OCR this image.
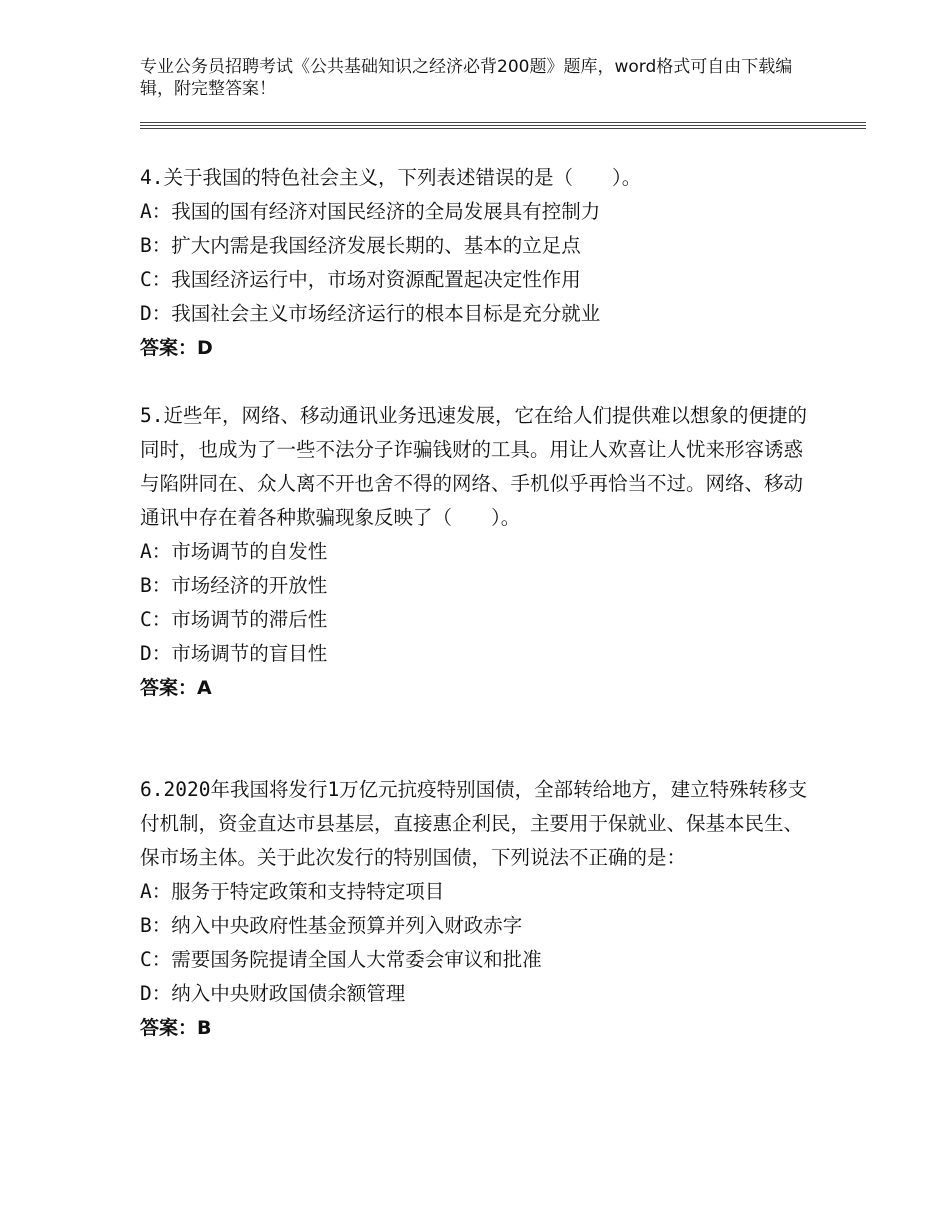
专业公务员招聘考试《公共基础知识之经济必背200题》题库，word格式可自由下载编辑，附完整答案！

4.关于我国的特色社会主义，下列表述错误的是（　　）。

A：我国的国有经济对国民经济的全局发展具有控制力

B：扩大内需是我国经济发展长期的、基本的立足点

C：我国经济运行中，市场对资源配置起决定性作用

D：我国社会主义市场经济运行的根本目标是充分就业

答案：D

5.近些年，网络、移动通讯业务迅速发展，它在给人们提供难以想象的便捷的同时，也成为了一些不法分子诈骗钱财的工具。用让人欢喜让人忧来形容诱惑与陷阱同在、众人离不开也舍不得的网络、手机似乎再恰当不过。网络、移动通讯中存在着各种欺骗现象反映了（　　）。

A：市场调节的自发性

B：市场经济的开放性

C：市场调节的滞后性

D：市场调节的盲目性

答案：A

6.2020年我国将发行1万亿元抗疫特别国债，全部转给地方，建立特殊转移支付机制，资金直达市县基层，直接惠企利民，主要用于保就业、保基本民生、保市场主体。关于此次发行的特别国债，下列说法不正确的是：

A：服务于特定政策和支持特定项目

B：纳入中央政府性基金预算并列入财政赤字

C：需要国务院提请全国人大常委会审议和批准

D：纳入中央财政国债余额管理

答案：B
